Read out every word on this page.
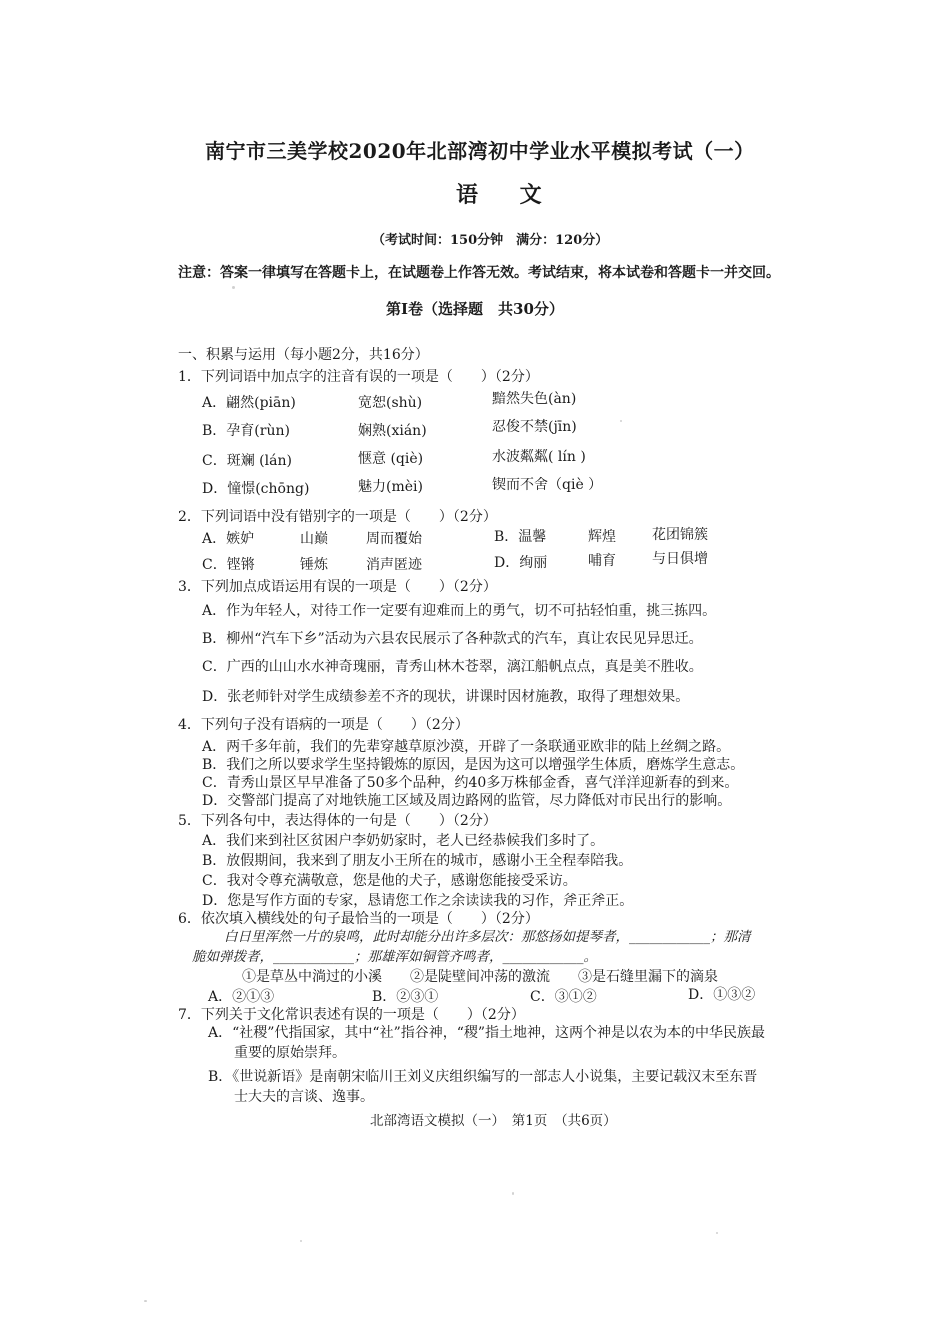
南宁市三美学校2020年北部湾初中学业水平模拟考试（一）
语 文
（考试时间：150分钟　满分：120分）
注意：答案一律填写在答题卡上，在试题卷上作答无效。考试结束，将本试卷和答题卡一并交回。
第Ⅰ卷（选择题　共30分）
一、积累与运用（每小题2分，共16分）
1．下列词语中加点字的注音有误的一项是（　　）（2分）
A．翩然(piān)	宽恕(shù)	黯然失色(àn)
B．孕育(rùn)	娴熟(xián)	忍俊不禁(jīn)
C．斑斓 (lán)	惬意 (qiè)	水波粼粼( lín )
D．憧憬(chōng)	魅力(mèi)	锲而不舍（qiè ）
2．下列词语中没有错别字的一项是（　　）（2分）
A．嫉妒	山巅	周而覆始	B．温馨	辉煌	花团锦簇
C．铿锵	锤炼	消声匿迹	D．绚丽	哺育	与日俱增
3．下列加点成语运用有误的一项是（　　）（2分）
A．作为年轻人，对待工作一定要有迎难而上的勇气，切不可拈轻怕重，挑三拣四。
B．柳州“汽车下乡”活动为六县农民展示了各种款式的汽车，真让农民见异思迁。
C．广西的山山水水神奇瑰丽，青秀山林木苍翠，漓江船帆点点，真是美不胜收。
D．张老师针对学生成绩参差不齐的现状，讲课时因材施教，取得了理想效果。
4．下列句子没有语病的一项是（　　）（2分）
A．两千多年前，我们的先辈穿越草原沙漠，开辟了一条联通亚欧非的陆上丝绸之路。
B．我们之所以要求学生坚持锻炼的原因，是因为这可以增强学生体质，磨炼学生意志。
C．青秀山景区早早准备了50多个品种，约40多万株郁金香，喜气洋洋迎新春的到来。
D．交警部门提高了对地铁施工区域及周边路网的监管，尽力降低对市民出行的影响。
5．下列各句中，表达得体的一句是（　　）（2分）
A．我们来到社区贫困户李奶奶家时，老人已经恭候我们多时了。
B．放假期间，我来到了朋友小王所在的城市，感谢小王全程奉陪我。
C．我对令尊充满敬意，您是他的犬子，感谢您能接受采访。
D．您是写作方面的专家，恳请您工作之余读读我的习作，斧正斧正。
6．依次填入横线处的句子最恰当的一项是（　　）（2分）
白日里浑然一片的泉鸣，此时却能分出许多层次：那悠扬如提琴者，____________；那清
脆如弹拨者，____________；那雄浑如铜管齐鸣者，____________。
①是草丛中淌过的小溪　　②是陡壁间冲荡的激流　　③是石缝里漏下的滴泉
A．②①③	B．②③①	C．③①②	D．①③②
7．下列关于文化常识表述有误的一项是（　　）（2分）
A．“社稷”代指国家，其中“社”指谷神，“稷”指土地神，这两个神是以农为本的中华民族最
重要的原始崇拜。
B．《世说新语》是南朝宋临川王刘义庆组织编写的一部志人小说集，主要记载汉末至东晋
士大夫的言谈、逸事。
北部湾语文模拟（一）　第1页　（共6页）
